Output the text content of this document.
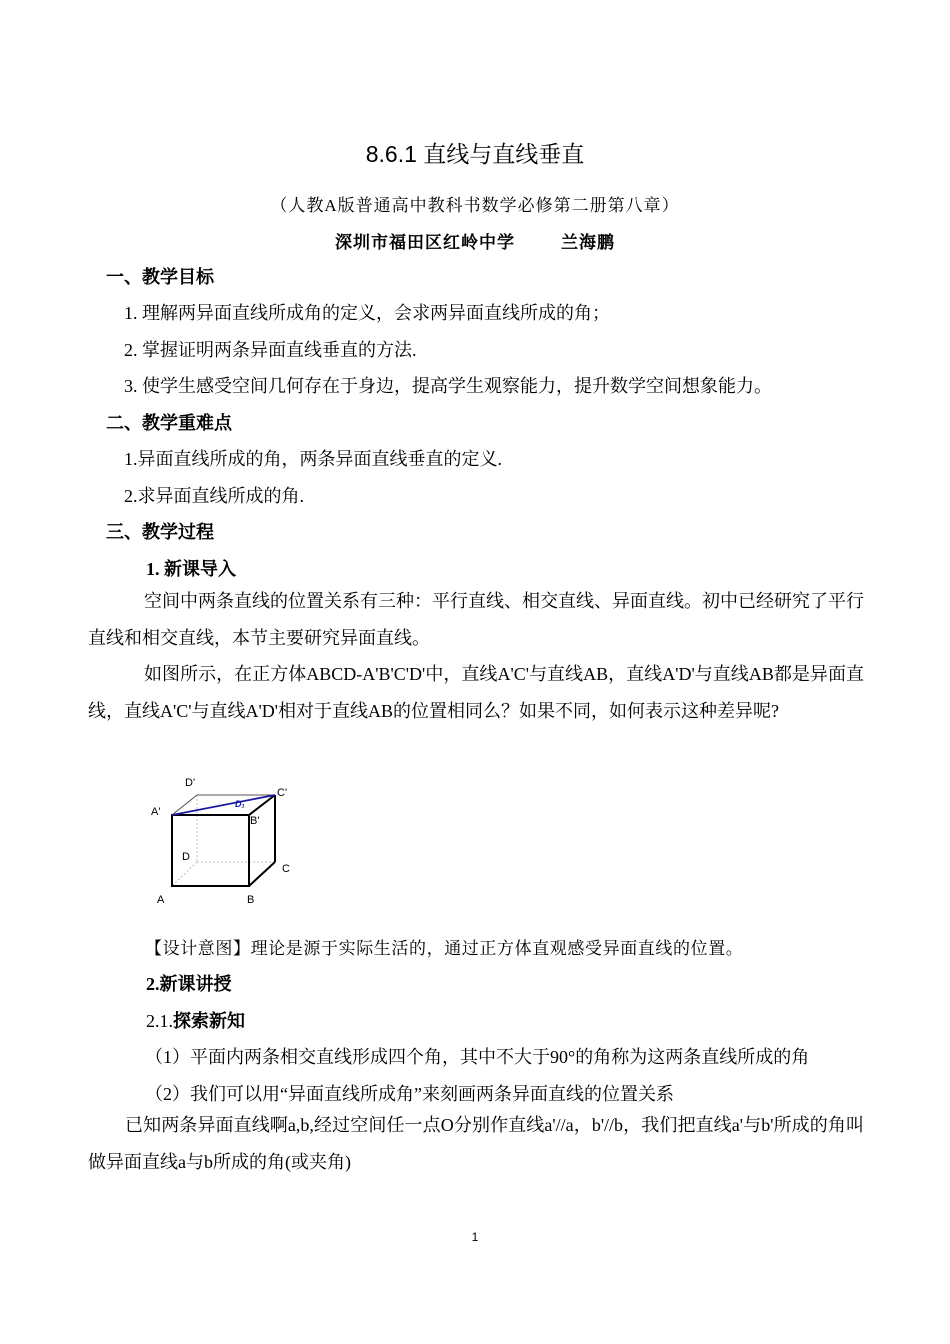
8.6.1 直线与直线垂直
（人教A版普通高中教科书数学必修第二册第八章）
深圳市福田区红岭中学	兰海鹏
一、教学目标
1. 理解两异面直线所成角的定义，会求两异面直线所成的角；
2. 掌握证明两条异面直线垂直的方法.
3. 使学生感受空间几何存在于身边，提高学生观察能力，提升数学空间想象能力。
二、教学重难点
1.异面直线所成的角，两条异面直线垂直的定义.
2.求异面直线所成的角.
三、教学过程
1. 新课导入
空间中两条直线的位置关系有三种：平行直线、相交直线、异面直线。初中已经研究了平行直线和相交直线，本节主要研究异面直线。
如图所示，在正方体ABCD-A'B'C'D'中，直线A'C'与直线AB，直线A'D'与直线AB都是异面直线，直线A'C'与直线A'D'相对于直线AB的位置相同么？如果不同，如何表示这种差异呢?
D'
C'
A'
B'
D
C
A	B
D₁
【设计意图】理论是源于实际生活的，通过正方体直观感受异面直线的位置。
2.新课讲授
2.1.探索新知
（1）平面内两条相交直线形成四个角，其中不大于90°的角称为这两条直线所成的角
（2）我们可以用“异面直线所成角”来刻画两条异面直线的位置关系
已知两条异面直线啊a,b,经过空间任一点O分别作直线a'//a，b'//b，我们把直线a'与b'所成的角叫做异面直线a与b所成的角(或夹角)
1
